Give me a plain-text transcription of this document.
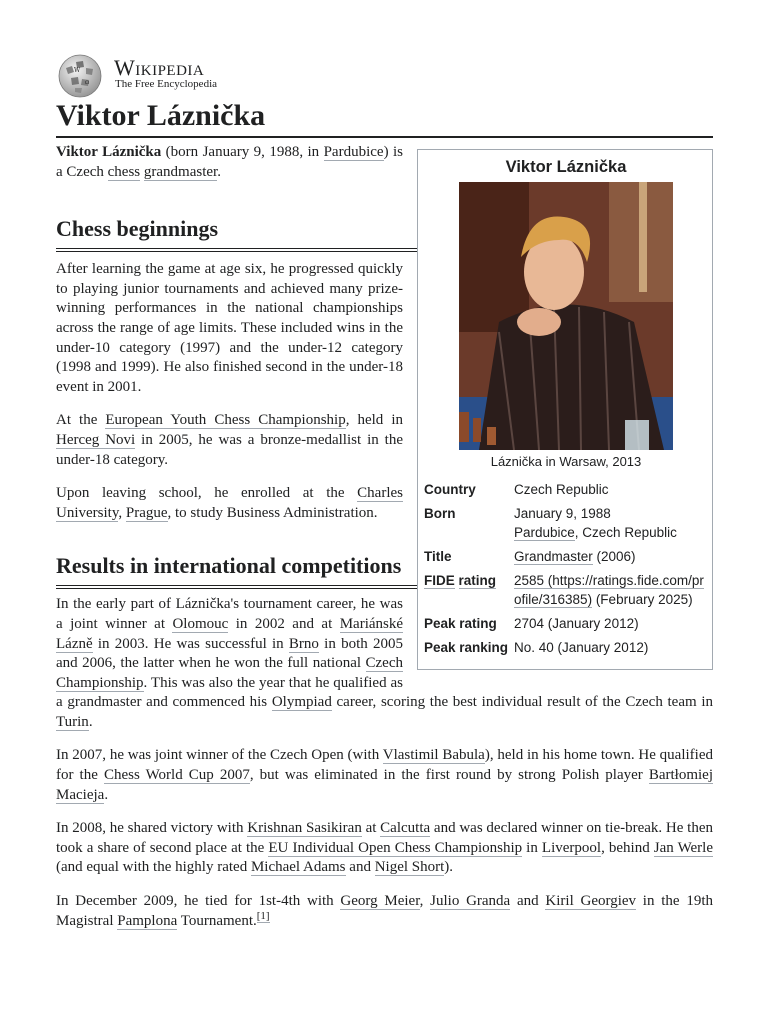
W
Ω
Wikipedia
The Free Encyclopedia
Viktor Láznička
Viktor Láznička
Láznička in Warsaw, 2013
Country	Czech Republic
Born	January 9, 1988
Pardubice, Czech Republic
Title	Grandmaster (2006)
FIDE rating	2585 (https://ratings.fide.com/profile/316385) (February 2025)
Peak rating	2704 (January 2012)
Peak ranking	No. 40 (January 2012)

Viktor Láznička (born January 9, 1988, in Pardubice) is a Czech chess grandmaster.

Chess beginnings

After learning the game at age six, he progressed quickly to playing junior tournaments and achieved many prize-winning performances in the national championships across the range of age limits. These included wins in the under-10 category (1997) and the under-12 category (1998 and 1999). He also finished second in the under-18 event in 2001.

At the European Youth Chess Championship, held in Herceg Novi in 2005, he was a bronze-medallist in the under-18 category.

Upon leaving school, he enrolled at the Charles University, Prague, to study Business Administration.

Results in international competitions

In the early part of Láznička's tournament career, he was a joint winner at Olomouc in 2002 and at Mariánské Lázně in 2003. He was successful in Brno in both 2005 and 2006, the latter when he won the full national Czech Championship. This was also the year that he qualified as a grandmaster and commenced his Olympiad career, scoring the best individual result of the Czech team in Turin.

In 2007, he was joint winner of the Czech Open (with Vlastimil Babula), held in his home town. He qualified for the Chess World Cup 2007, but was eliminated in the first round by strong Polish player Bartłomiej Macieja.

In 2008, he shared victory with Krishnan Sasikiran at Calcutta and was declared winner on tie-break. He then took a share of second place at the EU Individual Open Chess Championship in Liverpool, behind Jan Werle (and equal with the highly rated Michael Adams and Nigel Short).

In December 2009, he tied for 1st-4th with Georg Meier, Julio Granda and Kiril Georgiev in the 19th Magistral Pamplona Tournament.[1]
